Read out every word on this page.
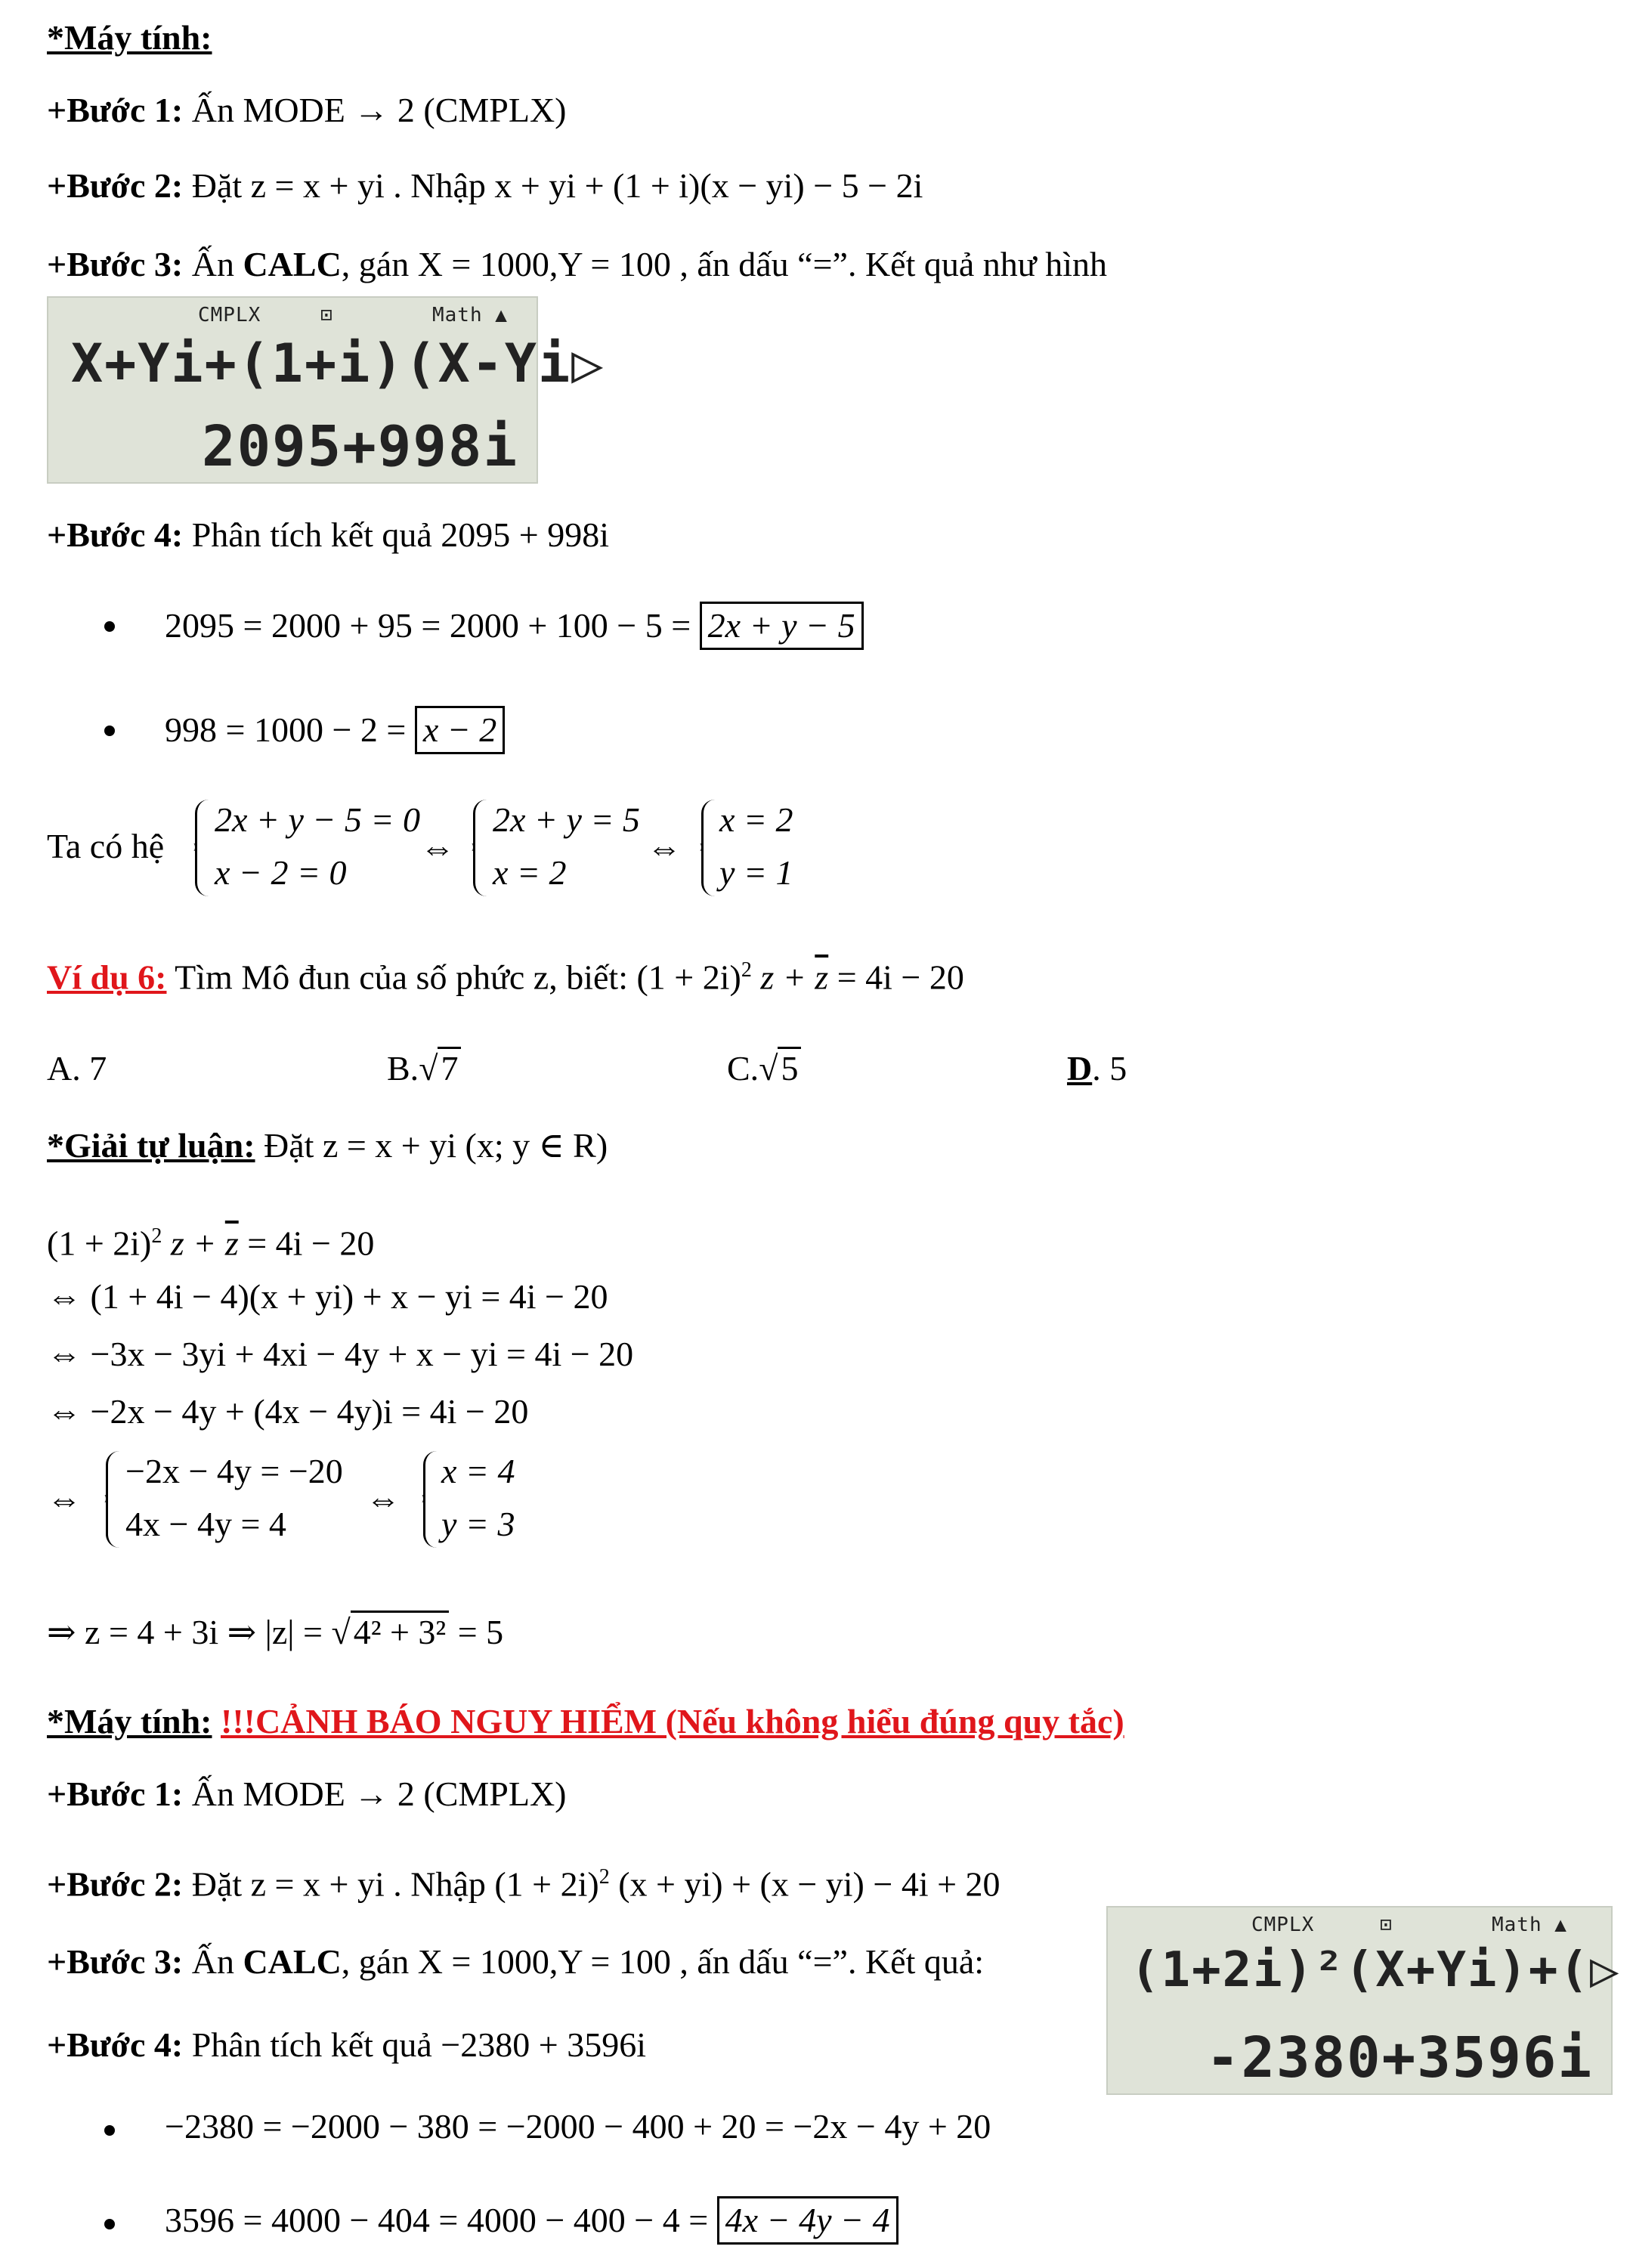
*Máy tính:
+Bước 1: Ấn MODE → 2 (CMPLX)
+Bước 2: Đặt z = x + yi . Nhập x + yi + (1 + i)(x − yi) − 5 − 2i
+Bước 3: Ấn CALC, gán X = 1000,Y = 100 , ấn dấu “=”. Kết quả như hình
CMPLX	⊡	Math ▲
X+Yi+(1+i)(X-Yi▷
2095+998i
+Bước 4: Phân tích kết quả 2095 + 998i
2095 = 2000 + 95 = 2000 + 100 − 5 = 2x + y − 5
998 = 1000 − 2 = x − 2
Ta có hệ
2x + y − 5 = 0
x − 2 = 0
⇔
2x + y = 5
x = 2
⇔
x = 2
y = 1
Ví dụ 6: Tìm Mô đun của số phức z, biết: $(1 + 2i)^2$ $z + \overline{z} = 4i - 20$
A. 7	B.√7	C.√5	D. 5
*Giải tự luận: Đặt z = x + yi (x; y ∈ R)
$(1 + 2i)^2$ $z + \overline{z} = 4i - 20$
⇔ (1 + 4i − 4)(x + yi) + x − yi = 4i − 20
⇔ −3x − 3yi + 4xi − 4y + x − yi = 4i − 20
⇔ −2x − 4y + (4x − 4y)i = 4i − 20
⇔
−2x − 4y = −20
4x − 4y = 4
⇔
x = 4
y = 3
⇒ z = 4 + 3i ⇒ |z| = √4² + 3² = 5
*Máy tính: !!!CẢNH BÁO NGUY HIỂM (Nếu không hiểu đúng quy tắc)
+Bước 1: Ấn MODE → 2 (CMPLX)
+Bước 2: Đặt z = x + yi . Nhập $(1 + 2i)^2$ (x + yi) + (x − yi) − 4i + 20
+Bước 3: Ấn CALC, gán X = 1000,Y = 100 , ấn dấu “=”. Kết quả:
CMPLX	⊡	Math ▲
(1+2i)²(X+Yi)+(▷
-2380+3596i
+Bước 4: Phân tích kết quả −2380 + 3596i
−2380 = −2000 − 380 = −2000 − 400 + 20 = −2x − 4y + 20
3596 = 4000 − 404 = 4000 − 400 − 4 = 4x − 4y − 4
